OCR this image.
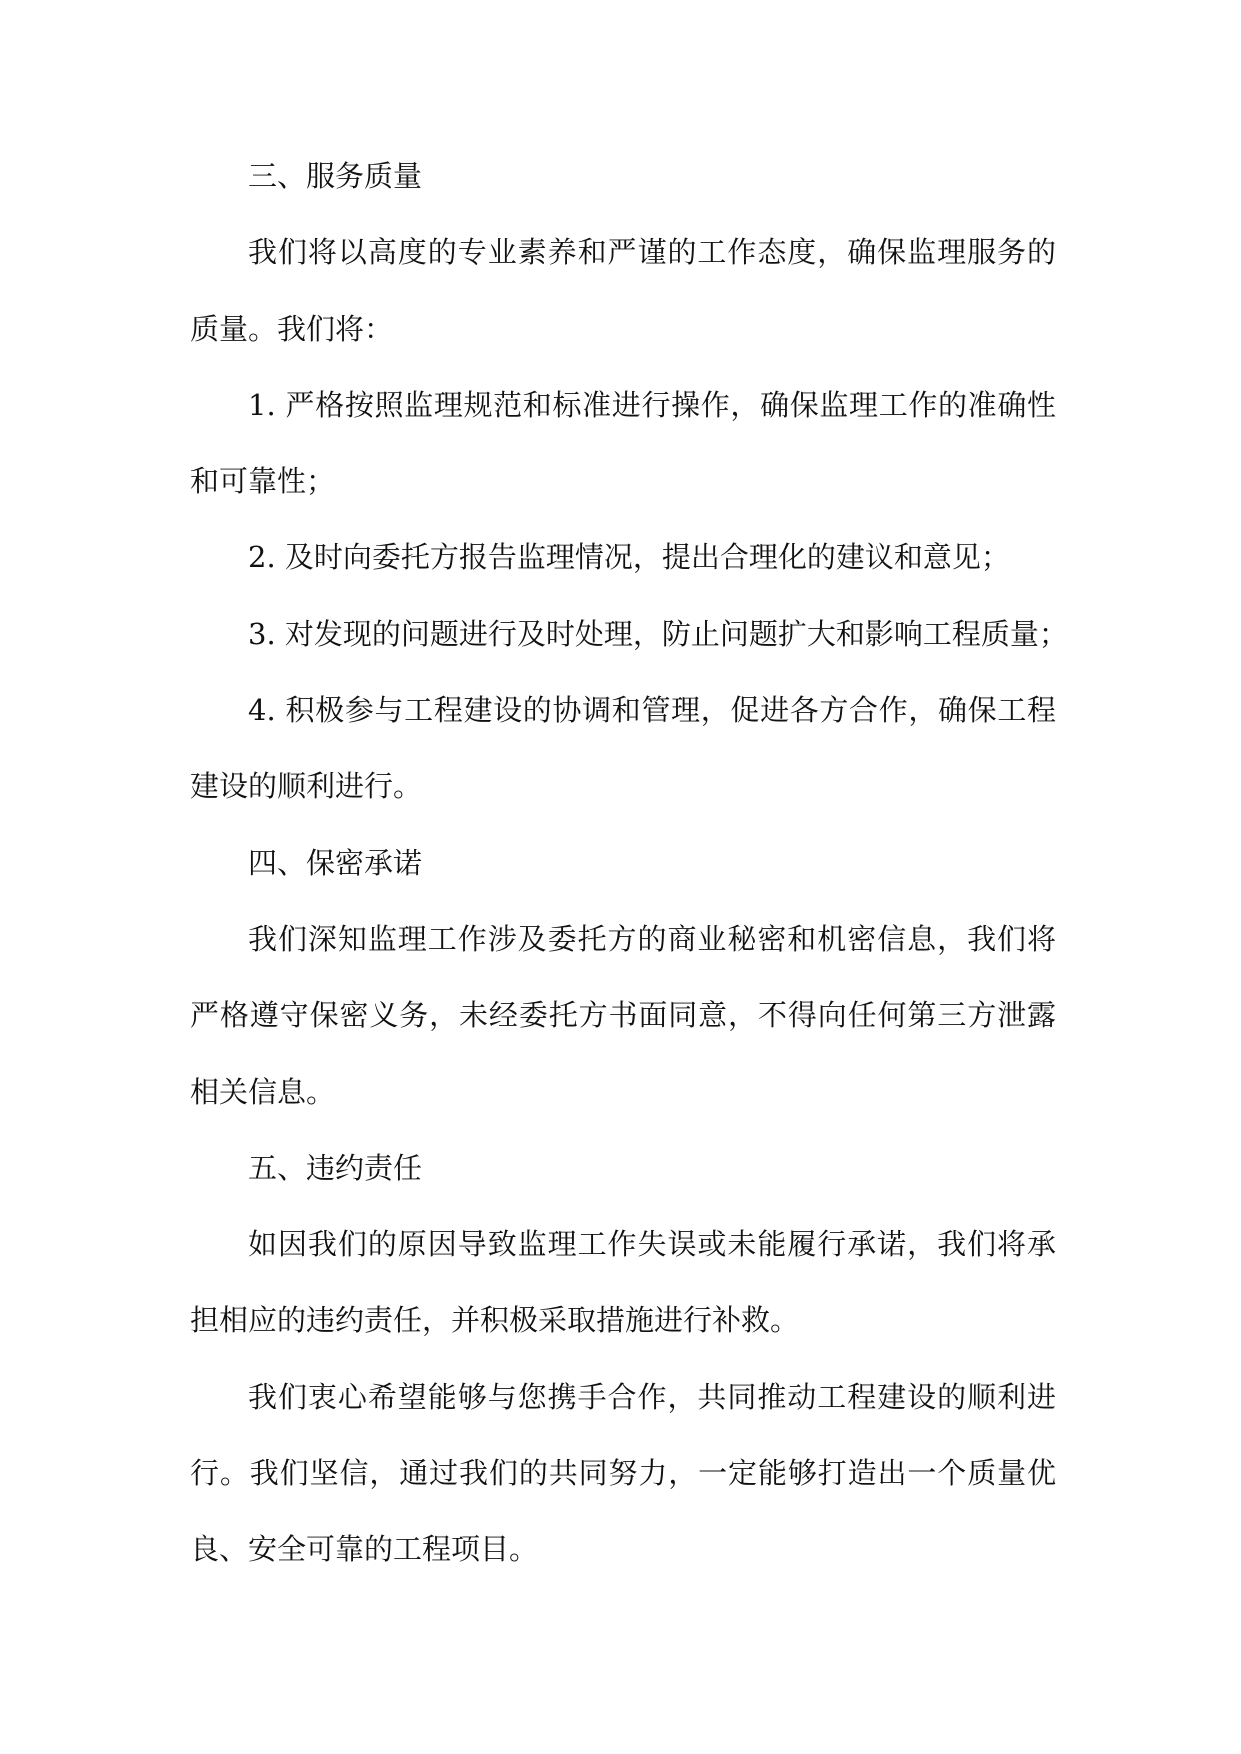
三、服务质量

我们将以高度的专业素养和严谨的工作态度，确保监理服务的质量。我们将：

1. 严格按照监理规范和标准进行操作，确保监理工作的准确性和可靠性；

2. 及时向委托方报告监理情况，提出合理化的建议和意见；

3. 对发现的问题进行及时处理，防止问题扩大和影响工程质量；

4. 积极参与工程建设的协调和管理，促进各方合作，确保工程建设的顺利进行。

四、保密承诺

我们深知监理工作涉及委托方的商业秘密和机密信息，我们将严格遵守保密义务，未经委托方书面同意，不得向任何第三方泄露相关信息。

五、违约责任

如因我们的原因导致监理工作失误或未能履行承诺，我们将承担相应的违约责任，并积极采取措施进行补救。

我们衷心希望能够与您携手合作，共同推动工程建设的顺利进行。我们坚信，通过我们的共同努力，一定能够打造出一个质量优良、安全可靠的工程项目。
